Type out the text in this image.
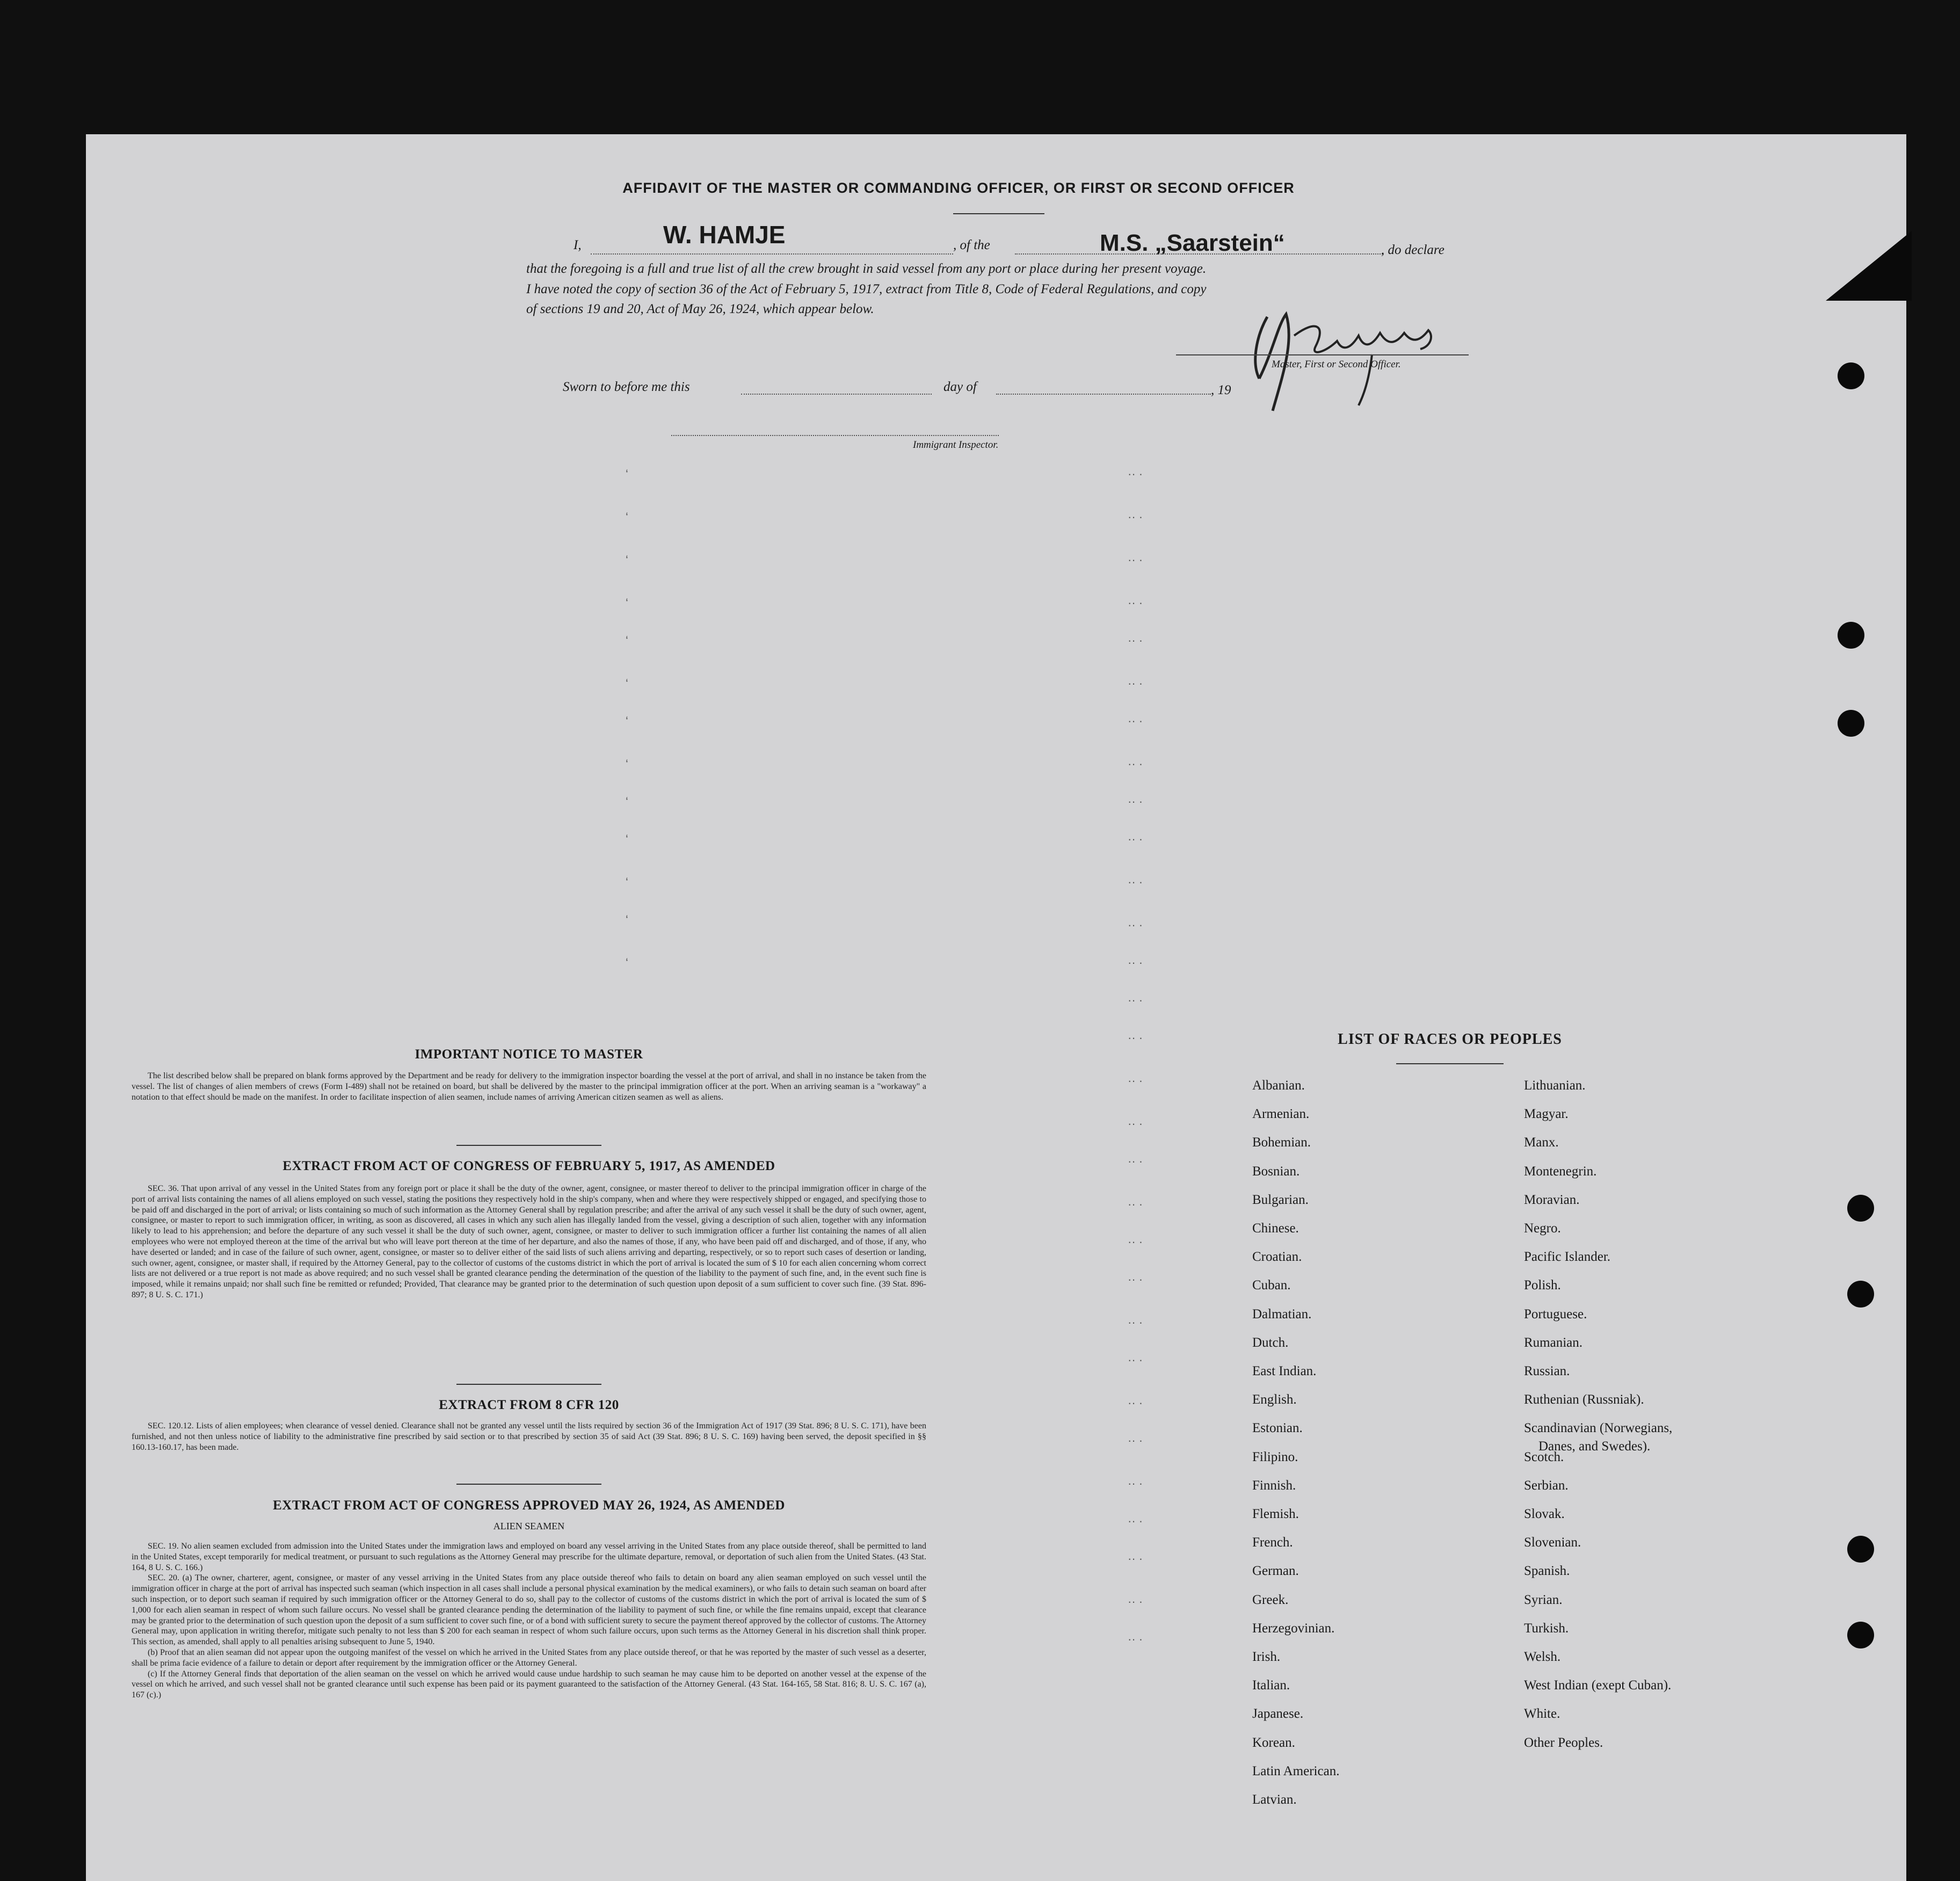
AFFIDAVIT OF THE MASTER OR COMMANDING OFFICER, OR FIRST OR SECOND OFFICER
I,	W. HAMJE	, of the	M.S. „Saarstein“	, do declare
that the foregoing is a full and true list of all the crew brought in said vessel from any port or place during her present voyage.
I have noted the copy of section 36 of the Act of February 5, 1917, extract from Title 8, Code of Federal Regulations, and copy
of sections 19 and 20, Act of May 26, 1924, which appear below.
Master, First or Second Officer.
Sworn to before me this	day of	, 19
Immigrant Inspector.
‘
‘
‘
‘
‘
‘
‘
‘
‘
‘
‘
‘
‘
·· ·
·· ·
·· ·
·· ·
·· ·
·· ·
·· ·
·· ·
·· ·
·· ·
·· ·
·· ·
·· ·
·· ·
·· ·
·· ·
·· ·
·· ·
·· ·
·· ·
·· ·
·· ·
·· ·
·· ·
·· ·
·· ·
·· ·
·· ·
·· ·
·· ·
IMPORTANT NOTICE TO MASTER

The list described below shall be prepared on blank forms approved by the Department and be ready for delivery to the immigration inspector boarding the vessel at the port of arrival, and shall in no instance be taken from the vessel. The list of changes of alien members of crews (Form I-489) shall not be retained on board, but shall be delivered by the master to the principal immigration officer at the port. When an arriving seaman is a "workaway" a notation to that effect should be made on the manifest. In order to facilitate inspection of alien seamen, include names of arriving American citizen seamen as well as aliens.

EXTRACT FROM ACT OF CONGRESS OF FEBRUARY 5, 1917, AS AMENDED

SEC. 36. That upon arrival of any vessel in the United States from any foreign port or place it shall be the duty of the owner, agent, consignee, or master thereof to deliver to the principal immigration officer in charge of the port of arrival lists containing the names of all aliens employed on such vessel, stating the positions they respectively hold in the ship's company, when and where they were respectively shipped or engaged, and specifying those to be paid off and discharged in the port of arrival; or lists containing so much of such information as the Attorney General shall by regulation prescribe; and after the arrival of any such vessel it shall be the duty of such owner, agent, consignee, or master to report to such immigration officer, in writing, as soon as discovered, all cases in which any such alien has illegally landed from the vessel, giving a description of such alien, together with any information likely to lead to his apprehension; and before the departure of any such vessel it shall be the duty of such owner, agent, consignee, or master to deliver to such immigration officer a further list containing the names of all alien employees who were not employed thereon at the time of the arrival but who will leave port thereon at the time of her departure, and also the names of those, if any, who have been paid off and discharged, and of those, if any, who have deserted or landed; and in case of the failure of such owner, agent, consignee, or master so to deliver either of the said lists of such aliens arriving and departing, respectively, or so to report such cases of desertion or landing, such owner, agent, consignee, or master shall, if required by the Attorney General, pay to the collector of customs of the customs district in which the port of arrival is located the sum of $ 10 for each alien concerning whom correct lists are not delivered or a true report is not made as above required; and no such vessel shall be granted clearance pending the determination of the question of the liability to the payment of such fine, and, in the event such fine is imposed, while it remains unpaid; nor shall such fine be remitted or refunded; Provided, That clearance may be granted prior to the determination of such question upon deposit of a sum sufficient to cover such fine. (39 Stat. 896-897; 8 U. S. C. 171.)

EXTRACT FROM 8 CFR 120

SEC. 120.12. Lists of alien employees; when clearance of vessel denied. Clearance shall not be granted any vessel until the lists required by section 36 of the Immigration Act of 1917 (39 Stat. 896; 8 U. S. C. 171), have been furnished, and not then unless notice of liability to the administrative fine prescribed by said section or to that prescribed by section 35 of said Act (39 Stat. 896; 8 U. S. C. 169) having been served, the deposit specified in §§ 160.13-160.17, has been made.

EXTRACT FROM ACT OF CONGRESS APPROVED MAY 26, 1924, AS AMENDED
ALIEN SEAMEN

SEC. 19. No alien seamen excluded from admission into the United States under the immigration laws and employed on board any vessel arriving in the United States from any place outside thereof, shall be permitted to land in the United States, except temporarily for medical treatment, or pursuant to such regulations as the Attorney General may prescribe for the ultimate departure, removal, or deportation of such alien from the United States. (43 Stat. 164, 8 U. S. C. 166.)

SEC. 20. (a) The owner, charterer, agent, consignee, or master of any vessel arriving in the United States from any place outside thereof who fails to detain on board any alien seaman employed on such vessel until the immigration officer in charge at the port of arrival has inspected such seaman (which inspection in all cases shall include a personal physical examination by the medical examiners), or who fails to detain such seaman on board after such inspection, or to deport such seaman if required by such immigration officer or the Attorney General to do so, shall pay to the collector of customs of the customs district in which the port of arrival is located the sum of $ 1,000 for each alien seaman in respect of whom such failure occurs. No vessel shall be granted clearance pending the determination of the liability to payment of such fine, or while the fine remains unpaid, except that clearance may be granted prior to the determination of such question upon the deposit of a sum sufficient to cover such fine, or of a bond with sufficient surety to secure the payment thereof approved by the collector of customs. The Attorney General may, upon application in writing therefor, mitigate such penalty to not less than $ 200 for each seaman in respect of whom such failure occurs, upon such terms as the Attorney General in his discretion shall think proper. This section, as amended, shall apply to all penalties arising subsequent to June 5, 1940.

(b) Proof that an alien seaman did not appear upon the outgoing manifest of the vessel on which he arrived in the United States from any place outside thereof, or that he was reported by the master of such vessel as a deserter, shall be prima facie evidence of a failure to detain or deport after requirement by the immigration officer or the Attorney General.

(c) If the Attorney General finds that deportation of the alien seaman on the vessel on which he arrived would cause undue hardship to such seaman he may cause him to be deported on another vessel at the expense of the vessel on which he arrived, and such vessel shall not be granted clearance until such expense has been paid or its payment guaranteed to the satisfaction of the Attorney General. (43 Stat. 164-165, 58 Stat. 816; 8. U. S. C. 167 (a), 167 (c).)

LIST OF RACES OR PEOPLES
Albanian.
Armenian.
Bohemian.
Bosnian.
Bulgarian.
Chinese.
Croatian.
Cuban.
Dalmatian.
Dutch.
East Indian.
English.
Estonian.
Filipino.
Finnish.
Flemish.
French.
German.
Greek.
Herzegovinian.
Irish.
Italian.
Japanese.
Korean.
Latin American.
Latvian.
Lithuanian.
Magyar.
Manx.
Montenegrin.
Moravian.
Negro.
Pacific Islander.
Polish.
Portuguese.
Rumanian.
Russian.
Ruthenian (Russniak).
Scandinavian (Norwegians,
Danes, and Swedes).
Scotch.
Serbian.
Slovak.
Slovenian.
Spanish.
Syrian.
Turkish.
Welsh.
West Indian (exept Cuban).
White.
Other Peoples.
